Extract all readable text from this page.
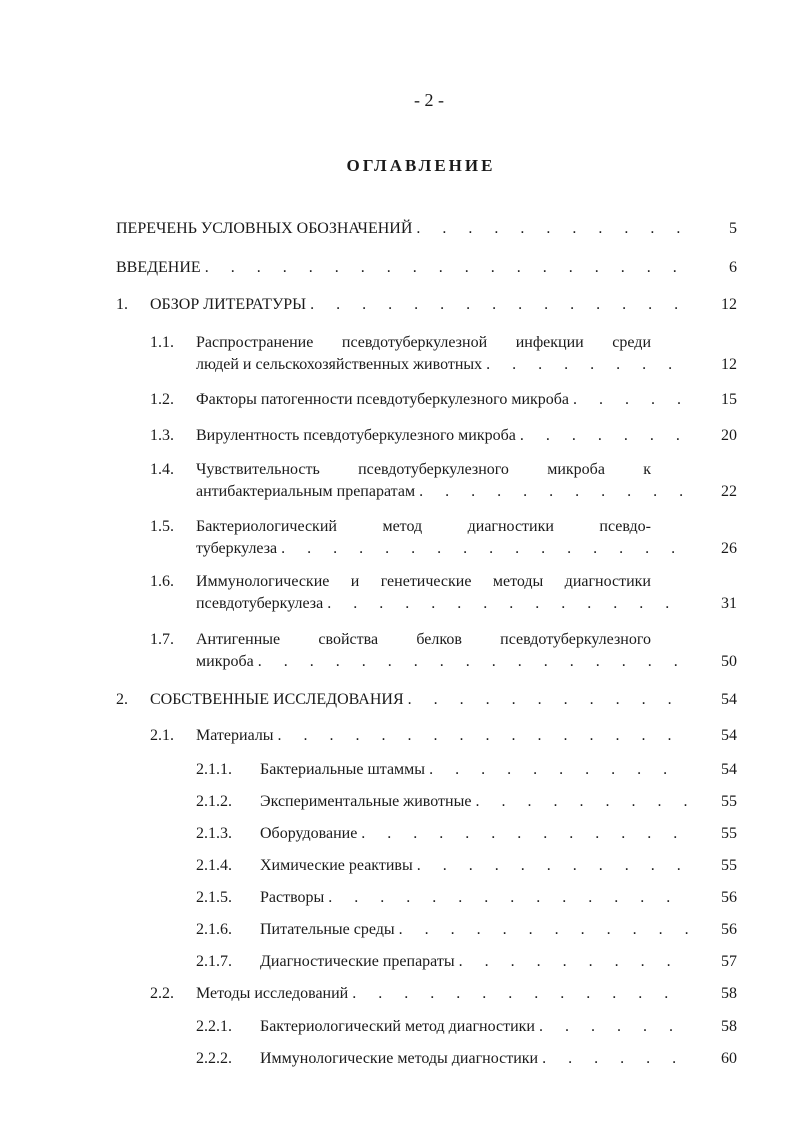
- 2 -
ОГЛАВЛЕНИЕ
ПЕРЕЧЕНЬ УСЛОВНЫХ ОБОЗНАЧЕНИЙ . . .	5
ВВЕДЕНИЕ . . .	6
1. ОБЗОР ЛИТЕРАТУРЫ . . .	12
1.1. Распространение псевдотуберкулезной инфекции среди
людей и сельскохозяйственных животных . . .	12
1.2. Факторы патогенности псевдотуберкулезного микроба . . .	15
1.3. Вирулентность псевдотуберкулезного микроба . . .	20
1.4. Чувствительность псевдотуберкулезного микроба к
антибактериальным препаратам . . .	22
1.5. Бактериологический метод диагностики псевдо-
туберкулеза . . .	26
1.6. Иммунологические и генетические методы диагностики
псевдотуберкулеза . . .	31
1.7. Антигенные свойства белков псевдотуберкулезного
микроба . . .	50
2. СОБСТВЕННЫЕ ИССЛЕДОВАНИЯ . . .	54
2.1. Материалы . . .	54
2.1.1. Бактериальные штаммы . . .	54
2.1.2. Экспериментальные животные . . .	55
2.1.3. Оборудование . . .	55
2.1.4. Химические реактивы . . .	55
2.1.5. Растворы . . .	56
2.1.6. Питательные среды . . .	56
2.1.7. Диагностические препараты . . .	57
2.2. Методы исследований . . .	58
2.2.1. Бактериологический метод диагностики . . .	58
2.2.2. Иммунологические методы диагностики . . .	60
